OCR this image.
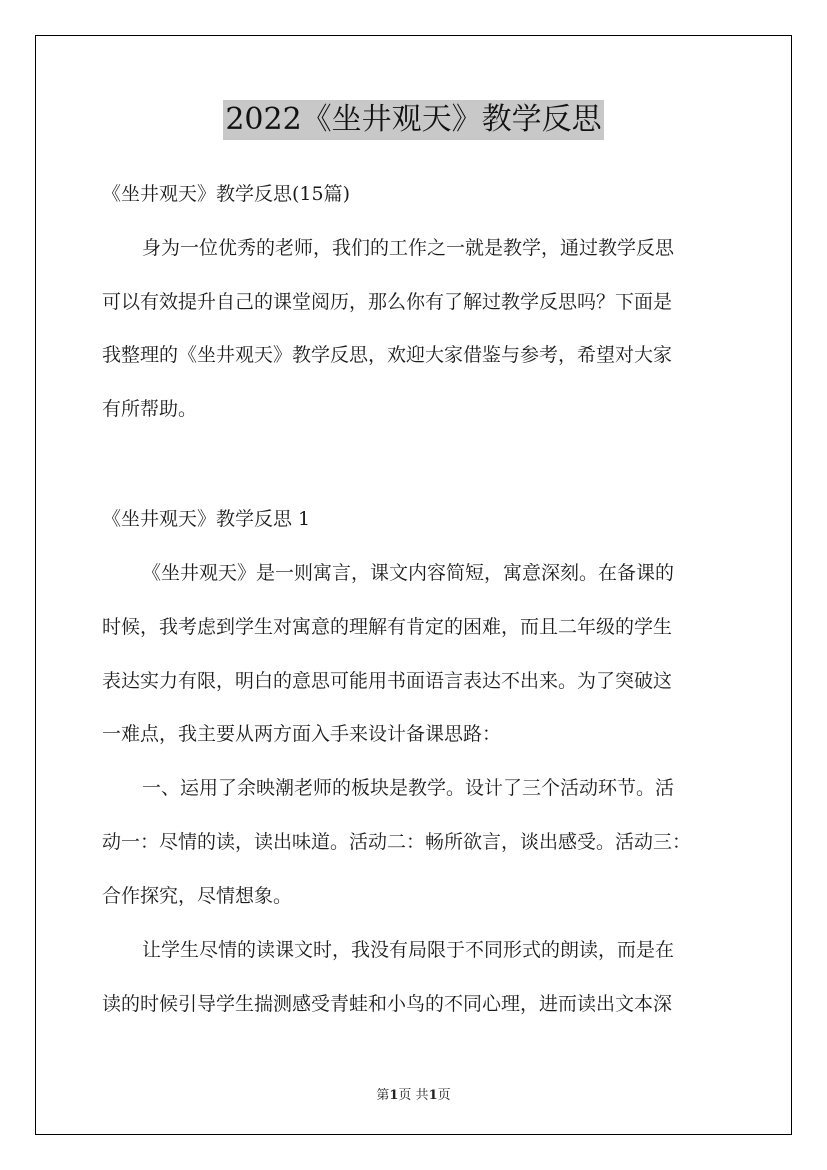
2022《坐井观天》教学反思
《坐井观天》教学反思(15篇)
身为一位优秀的老师，我们的工作之一就是教学，通过教学反思
可以有效提升自己的课堂阅历，那么你有了解过教学反思吗？下面是
我整理的《坐井观天》教学反思，欢迎大家借鉴与参考，希望对大家
有所帮助。
《坐井观天》教学反思 1
《坐井观天》是一则寓言，课文内容简短，寓意深刻。在备课的
时候，我考虑到学生对寓意的理解有肯定的困难，而且二年级的学生
表达实力有限，明白的意思可能用书面语言表达不出来。为了突破这
一难点，我主要从两方面入手来设计备课思路：
一、运用了余映潮老师的板块是教学。设计了三个活动环节。活
动一：尽情的读，读出味道。活动二：畅所欲言，谈出感受。活动三：
合作探究，尽情想象。
让学生尽情的读课文时，我没有局限于不同形式的朗读，而是在
读的时候引导学生揣测感受青蛙和小鸟的不同心理，进而读出文本深
第1页 共1页
